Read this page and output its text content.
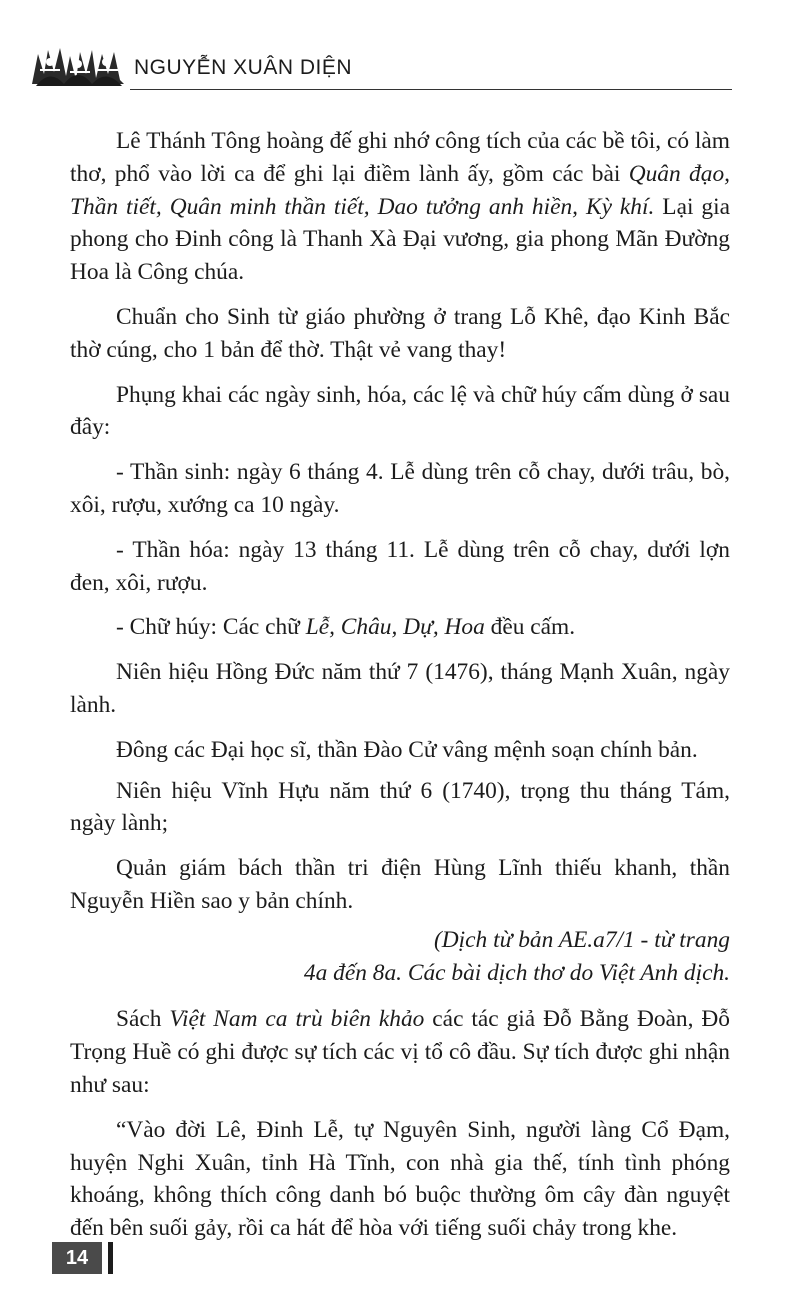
NGUYỄN XUÂN DIỆN

Lê Thánh Tông hoàng đế ghi nhớ công tích của các bề tôi, có làm thơ, phổ vào lời ca để ghi lại điềm lành ấy, gồm các bài Quân đạo, Thần tiết, Quân minh thần tiết, Dao tưởng anh hiền, Kỳ khí. Lại gia phong cho Đinh công là Thanh Xà Đại vương, gia phong Mãn Đường Hoa là Công chúa.

Chuẩn cho Sinh từ giáo phường ở trang Lỗ Khê, đạo Kinh Bắc thờ cúng, cho 1 bản để thờ. Thật vẻ vang thay!

Phụng khai các ngày sinh, hóa, các lệ và chữ húy cấm dùng ở sau đây:

- Thần sinh: ngày 6 tháng 4. Lễ dùng trên cỗ chay, dưới trâu, bò, xôi, rượu, xướng ca 10 ngày.

- Thần hóa: ngày 13 tháng 11. Lễ dùng trên cỗ chay, dưới lợn đen, xôi, rượu.

- Chữ húy: Các chữ Lễ, Châu, Dự, Hoa đều cấm.

Niên hiệu Hồng Đức năm thứ 7 (1476), tháng Mạnh Xuân, ngày lành.

Đông các Đại học sĩ, thần Đào Cử vâng mệnh soạn chính bản.

Niên hiệu Vĩnh Hựu năm thứ 6 (1740), trọng thu tháng Tám, ngày lành;

Quản giám bách thần tri điện Hùng Lĩnh thiếu khanh, thần Nguyễn Hiền sao y bản chính.

(Dịch từ bản AE.a7/1 - từ trang
4a đến 8a. Các bài dịch thơ do Việt Anh dịch.

Sách Việt Nam ca trù biên khảo các tác giả Đỗ Bằng Đoàn, Đỗ Trọng Huề có ghi được sự tích các vị tổ cô đầu. Sự tích được ghi nhận như sau:

“Vào đời Lê, Đinh Lễ, tự Nguyên Sinh, người làng Cổ Đạm, huyện Nghi Xuân, tỉnh Hà Tĩnh, con nhà gia thế, tính tình phóng khoáng, không thích công danh bó buộc thường ôm cây đàn nguyệt đến bên suối gảy, rồi ca hát để hòa với tiếng suối chảy trong khe.

14
